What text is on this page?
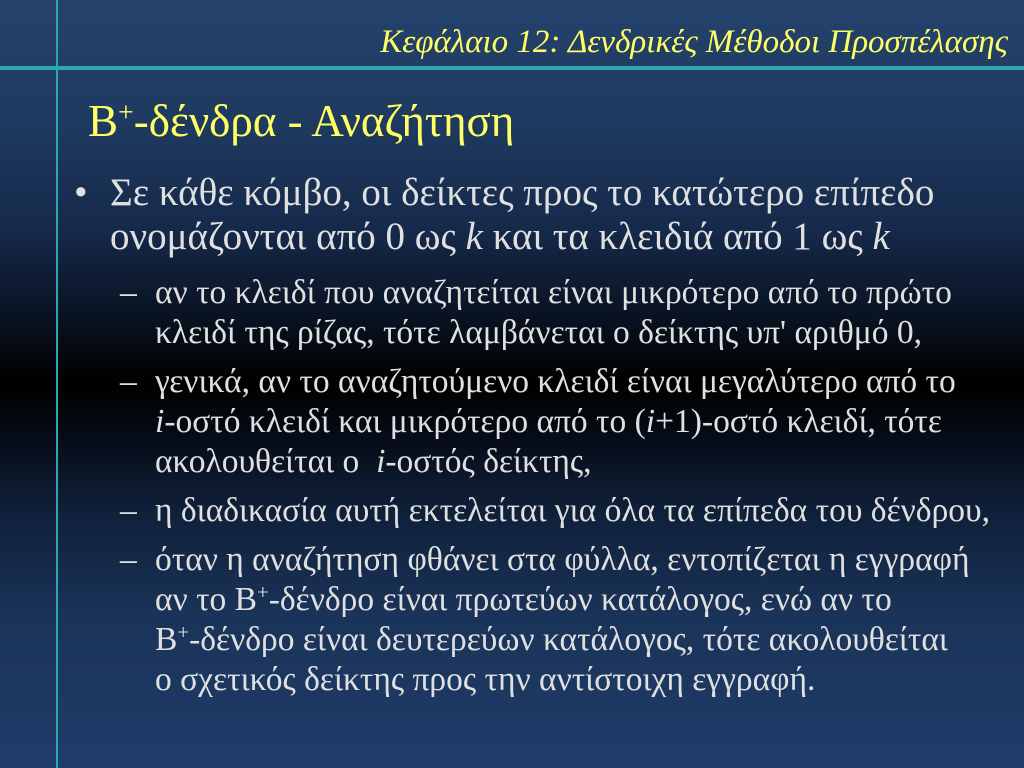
Κεφάλαιο 12: Δενδρικές Μέθοδοι Προσπέλασης
B + -δένδρα - Αναζήτηση
• Σε κάθε κόμβο, οι δείκτες προς το κατώτερο επίπεδο
ονομάζονται από 0 ως k και τα κλειδιά από 1 ως k
– αν το κλειδί που αναζητείται είναι μικρότερο από το πρώτο
κλειδί της ρίζας, τότε λαμβάνεται ο δείκτης υπ' αριθμό 0,
– γενικά, αν το αναζητούμενο κλειδί είναι μεγαλύτερο από το
i -οστό κλειδί και μικρότερο από το ( i +1)-οστό κλειδί, τότε
ακολουθείται ο i -οστός δείκτης,
– η διαδικασία αυτή εκτελείται για όλα τα επίπεδα του δένδρου,
– όταν η αναζήτηση φθάνει στα φύλλα, εντοπίζεται η εγγραφή
αν το B + -δένδρο είναι πρωτεύων κατάλογος, ενώ αν το
B + -δένδρο είναι δευτερεύων κατάλογος, τότε ακολουθείται
ο σχετικός δείκτης προς την αντίστοιχη εγγραφή.
